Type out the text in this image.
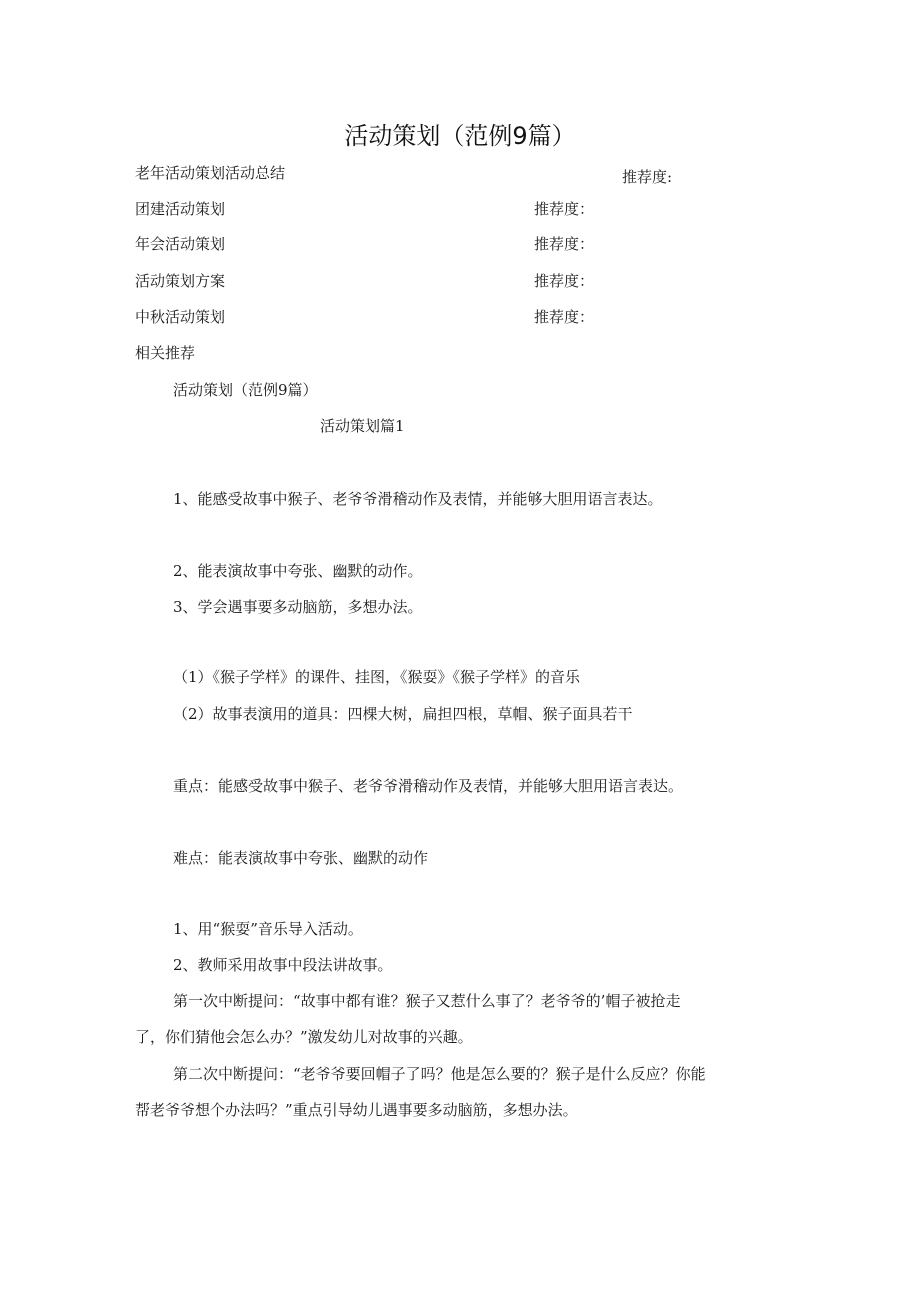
活动策划（范例9篇）
老年活动策划活动总结	推荐度:
团建活动策划	推荐度：
年会活动策划	推荐度：
活动策划方案	推荐度：
中秋活动策划	推荐度：
相关推荐
活动策划（范例9篇）
活动策划篇1
1、能感受故事中猴子、老爷爷滑稽动作及表情，并能够大胆用语言表达。
2、能表演故事中夸张、幽默的动作。
3、学会遇事要多动脑筋，多想办法。
（1）《猴子学样》的课件、挂图，《猴耍》《猴子学样》的音乐
（2）故事表演用的道具：四棵大树，扁担四根，草帽、猴子面具若干
重点：能感受故事中猴子、老爷爷滑稽动作及表情，并能够大胆用语言表达。
难点：能表演故事中夸张、幽默的动作
1、用“猴耍”音乐导入活动。
2、教师采用故事中段法讲故事。
第一次中断提问：“故事中都有谁？猴子又惹什么事了？老爷爷的’帽子被抢走
了，你们猜他会怎么办？”激发幼儿对故事的兴趣。
第二次中断提问：“老爷爷要回帽子了吗？他是怎么要的？猴子是什么反应？你能
帮老爷爷想个办法吗？”重点引导幼儿遇事要多动脑筋，多想办法。
